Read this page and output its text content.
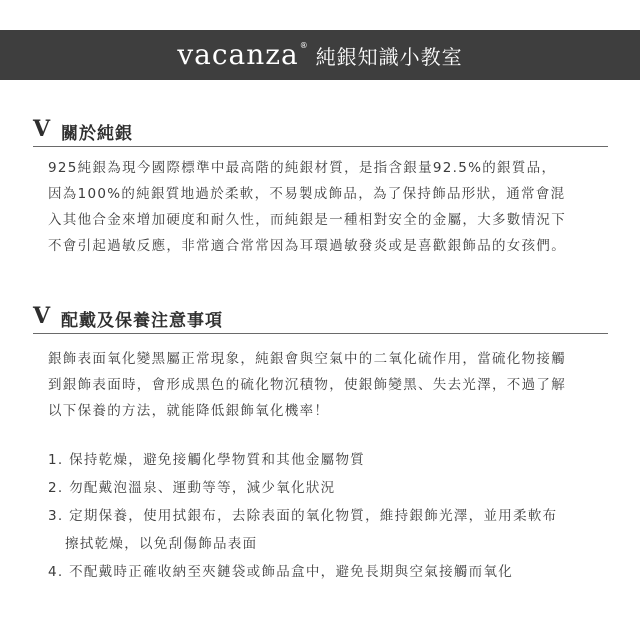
vacanza ® 純銀知識小教室
V 關於純銀

925純銀為現今國際標準中最高階的純銀材質，是指含銀量92.5%的銀質品，
因為100%的純銀質地過於柔軟，不易製成飾品，為了保持飾品形狀，通常會混
入其他合金來增加硬度和耐久性，而純銀是一種相對安全的金屬，大多數情況下
不會引起過敏反應，非常適合常常因為耳環過敏發炎或是喜歡銀飾品的女孩們。

V 配戴及保養注意事項

銀飾表面氧化變黑屬正常現象，純銀會與空氣中的二氧化硫作用，當硫化物接觸
到銀飾表面時，會形成黑色的硫化物沉積物，使銀飾變黑、失去光澤，不過了解
以下保養的方法，就能降低銀飾氧化機率！

1. 保持乾燥，避免接觸化學物質和其他金屬物質
2. 勿配戴泡溫泉、運動等等，減少氧化狀況
3. 定期保養，使用拭銀布，去除表面的氧化物質，維持銀飾光澤，並用柔軟布
擦拭乾燥，以免刮傷飾品表面
4. 不配戴時正確收納至夾鏈袋或飾品盒中，避免長期與空氣接觸而氧化
